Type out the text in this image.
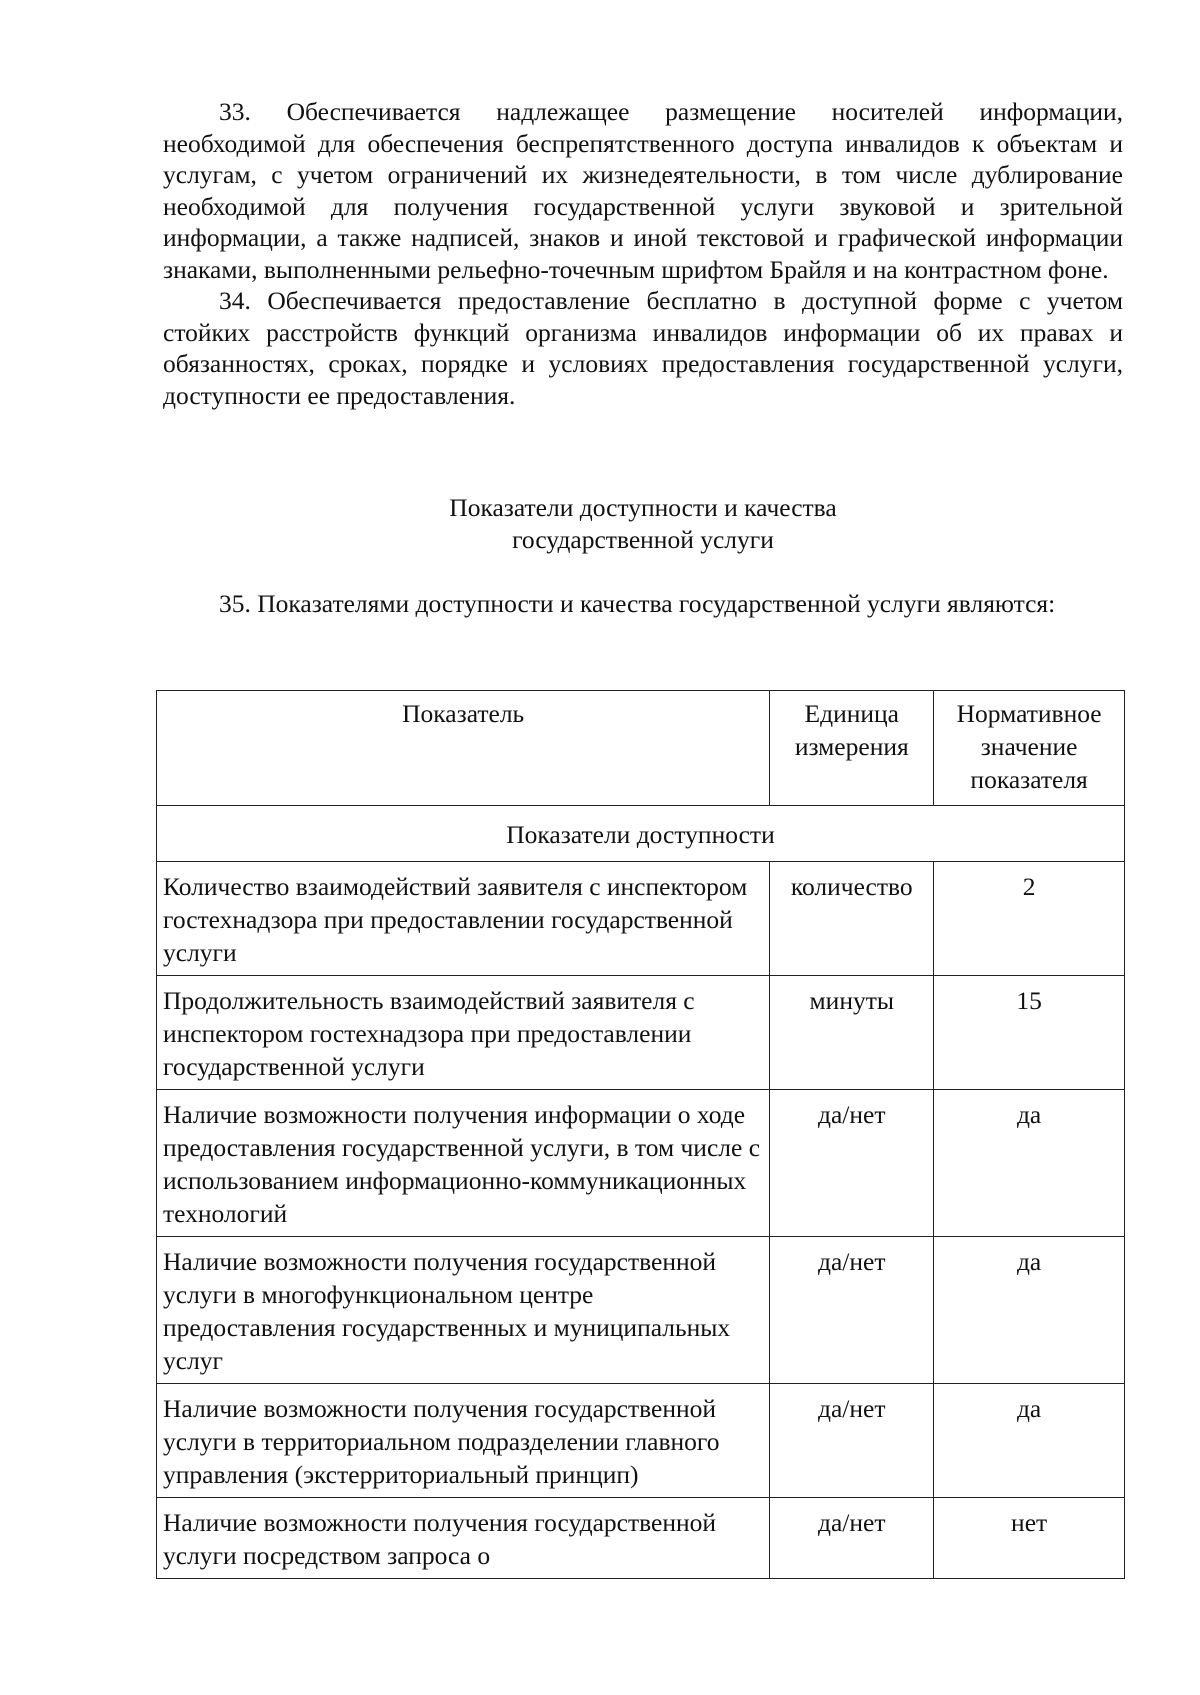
33. Обеспечивается надлежащее размещение носителей информации, необходимой для обеспечения беспрепятственного доступа инвалидов к объектам и услугам, с учетом ограничений их жизнедеятельности, в том числе дублирование необходимой для получения государственной услуги звуковой и зрительной информации, а также надписей, знаков и иной текстовой и графической информации знаками, выполненными рельефно-точечным шрифтом Брайля и на контрастном фоне.

34. Обеспечивается предоставление бесплатно в доступной форме с учетом стойких расстройств функций организма инвалидов информации об их правах и обязанностях, сроках, порядке и условиях предоставления государственной услуги, доступности ее предоставления.

Показатели доступности и качества
государственной услуги

35. Показателями доступности и качества государственной услуги являются:

Показатель	Единица измерения	Нормативное значение показателя
Показатели доступности		
Количество взаимодействий заявителя с инспектором гостехнадзора при предоставлении государственной услуги	количество	2
Продолжительность взаимодействий заявителя с инспектором гостехнадзора при предоставлении государственной услуги	минуты	15
Наличие возможности получения информации о ходе предоставления государственной услуги, в том числе с использованием информационно-коммуникационных технологий	да/нет	да
Наличие возможности получения государственной услуги в многофункциональном центре предоставления государственных и муниципальных услуг	да/нет	да
Наличие возможности получения государственной услуги в территориальном подразделении главного управления (экстерриториальный принцип)	да/нет	да
Наличие возможности получения государственной услуги посредством запроса о	да/нет	нет
